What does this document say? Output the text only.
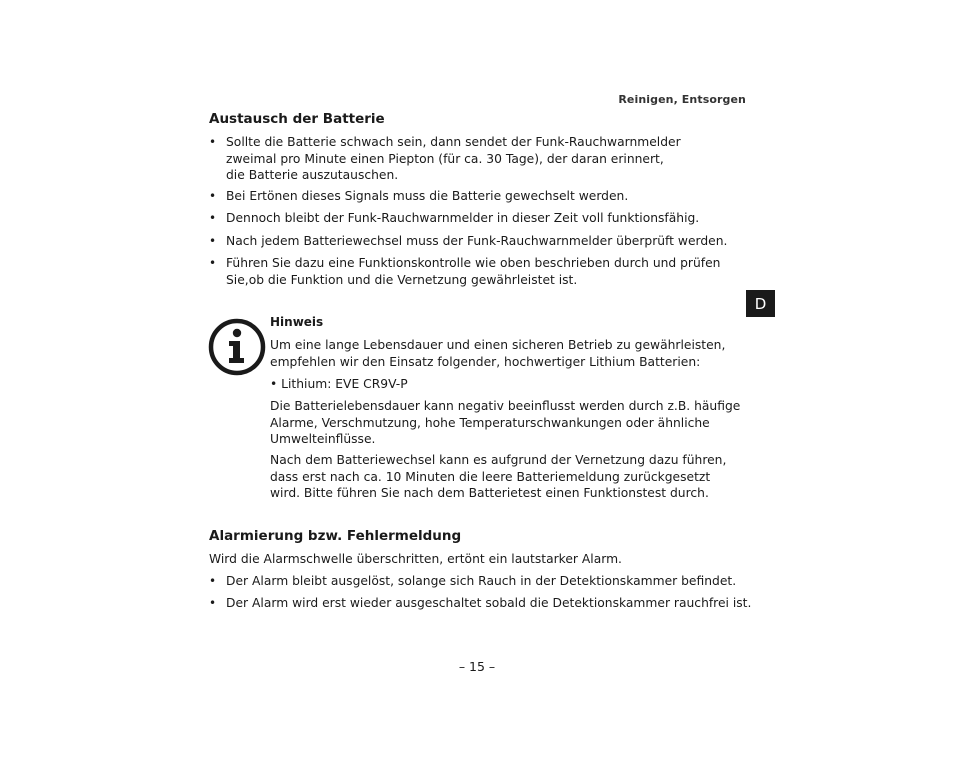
Reinigen, Entsorgen
D
Austausch der Batterie
• Sollte die Batterie schwach sein, dann sendet der Funk-Rauchwarnmelder
zweimal pro Minute einen Piepton (für ca. 30 Tage), der daran erinnert,
die Batterie auszutauschen.
• Bei Ertönen dieses Signals muss die Batterie gewechselt werden.
• Dennoch bleibt der Funk-Rauchwarnmelder in dieser Zeit voll funktionsfähig.
• Nach jedem Batteriewechsel muss der Funk-Rauchwarnmelder überprüft werden.
• Führen Sie dazu eine Funktionskontrolle wie oben beschrieben durch und prüfen
Sie,ob die Funktion und die Vernetzung gewährleistet ist.
Hinweis
Um eine lange Lebensdauer und einen sicheren Betrieb zu gewährleisten,
empfehlen wir den Einsatz folgender, hochwertiger Lithium Batterien:
• Lithium: EVE CR9V-P
Die Batterielebensdauer kann negativ beeinflusst werden durch z.B. häufige
Alarme, Verschmutzung, hohe Temperaturschwankungen oder ähnliche
Umwelteinflüsse.
Nach dem Batteriewechsel kann es aufgrund der Vernetzung dazu führen,
dass erst nach ca. 10 Minuten die leere Batteriemeldung zurückgesetzt
wird. Bitte führen Sie nach dem Batterietest einen Funktionstest durch.
Alarmierung bzw. Fehlermeldung
Wird die Alarmschwelle überschritten, ertönt ein lautstarker Alarm.
• Der Alarm bleibt ausgelöst, solange sich Rauch in der Detektionskammer befindet.
• Der Alarm wird erst wieder ausgeschaltet sobald die Detektionskammer rauchfrei ist.
– 15 –
